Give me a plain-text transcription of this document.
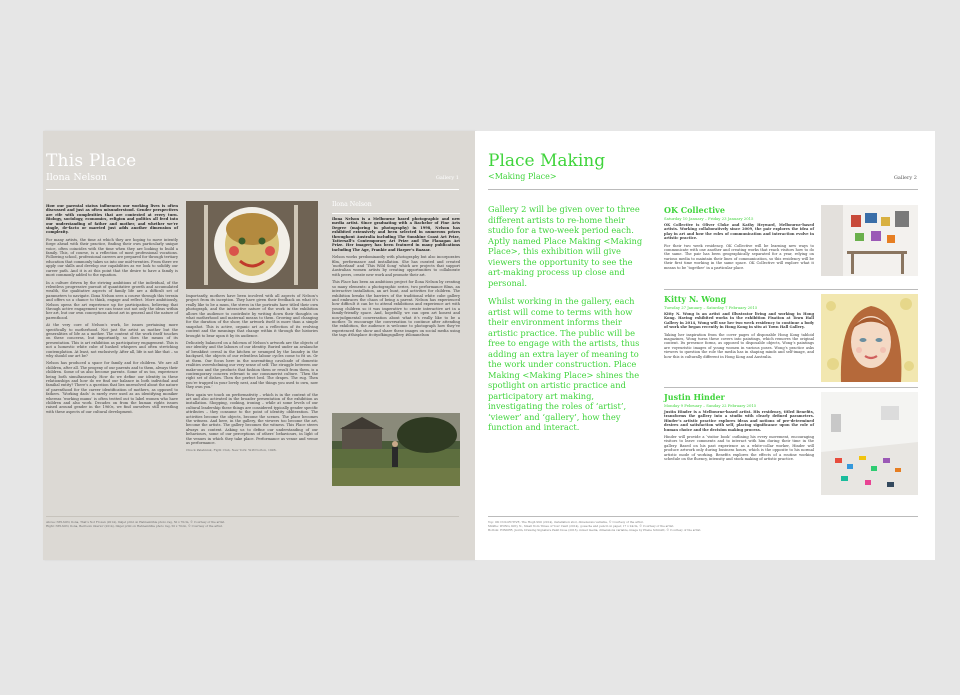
This Place
Ilona Nelson	Gallery 1

How our parental status influences our working lives is often discussed and just as often misunderstood. Gender perspectives are rife with complexities that are contested at every turn. Biology, sociology, economics, religion and politics all feed into our understanding of father and mother, and whether we’re single, de-facto or married just adds another dimension of complexity.

For many artists, the time at which they are hoping to move intently forge ahead with their practice, finding their own particularly unique voice, often coincides with the time when they are looking to build a family. This, of course, is a reflection of most professional vocations. Following school, professional careers are prepared for through tertiary education that commonly takes us into our mid-twenties. From there we apply our skills and develop our capabilities as we look to solidify our career path. And it is at this point that the desire to have a family is most commonly added to the equation.

In a culture driven by the striving ambitions of the individual, of the relentless progressive pursuit of quantitative growth and accumulated wealth, the qualitative aspects of family life are a difficult set of parameters to navigate. Ilona Nelson sees a course through this terrain and offers us a chance to think, engage and reflect. More ambitiously, Nelson opens the art experience up for participation, believing that through active engagement we can tease out not only the ideas within her art, but our own conceptions about art in general and the nature of parenthood.

At the very core of Nelson’s work, lie issues pertaining more specifically to motherhood. Not just the artist as mother but the generalities of life as a mother. The content of the work itself touches on these concerns, but importantly, so does the means of its presentation. This is art exhibition as participatory engagement. This is not a homestic white cube of hushed whispers and often stretching contemplation. At least, not exclusively. After all, life is not like that – so why should our art be?

Nelson has produced a space for family and for children. We are all children, after all. The progeny of our parents and to them, always their children. Some of us also become parents. Some of us too, experience being both simultaneously. How do we define our identity in these relationships and how do we find our balance in both individual and familial entity? There’s a question that lies unresolved about the nature of parenthood for the career identification of mothers, as opposed to fathers. ‘Working dads’ is rarely ever used as an identifying moniker whereas ‘working mums’ is often trotted out to label women who have children and also work. Decades on from the human rights issues raised around gender in the 1960s, we find ourselves still wrestling with these aspects of our cultural development.

Importantly, mothers have been involved with all aspects of Nelson’s project from its inception. They have given their feedback on what it’s really like to be a mum, the stress in the portraits have titled their own photograph, and the interactive nature of the work in the exhibition allows the audience to contribute by writing down their thoughts on what motherhood and maternal means to them. Growing and changing for the duration of the show, the artwork itself is more than a simple snapshot. This is active, organic art as a reflection of its evolving content and the meanings that change within it through the histories brought to bear upon it by its audience.

Delicately balanced on a fulcrum of Nelson’s artwork are the objects of our identity and the labours of our identity. Buried under an avalanche of breakfast cereal in the kitchen or swamped by the laundry in the backyard, the objects of our relentless labour cycles come to fit us. Or at them. Our focus here in the unremitting cavalcade of domestic realities overwhelming our very sense of self. The struggle between our make-ons and the products that fashion them or result from them, is a contemporary concern relevant to our consumerist culture. ‘Then the right set of dishes. Then the perfect bed. The drapes. The rug. Then you’re trapped in your lovely nest, and the things you used to own, now they own you.’

How again we touch on performativity – which is in the content of the art and also activated in the broader presentation of the exhibition as installation. Shopping, cooking, ironing – while at some levels of our cultural leadership these things are considered typically gender specific attributes – they consume to the point of identity obliteration. The activities become the objects, become the scenes. The place becomes the witness. And here, in the gallery, the viewers too become the art, become the artists. The gallery becomes the witness. This Place steers always as context. Asking us to define our understanding of our behaviours, some of our perceptions of others’ behaviours, in light of the venues in which they take place. Performance as venue and venue as performance.

Chuck Palahniuk, Fight Club, New York: W.W.Norton, 1996.

Ilona Nelson

Ilona Nelson is a Melbourne based photographic and new media artist. Since graduating with a Bachelor of Fine Arts Degree (majoring in photography) in 1998, Nelson has exhibited extensively and been selected in numerous prizes throughout Australia including The Sunshine Coast Art Prize, Tattersall’s Contemporary Art Prize and The Flanagan Art Prize. Her imagery has been featured in many publications including The Age, Frankie and Harper’s Bazaar.

Nelson works predominantly with photography but also incorporates film, performance and installation. She has curated and created ‘motherland’ and ‘This Wild Song’ which are projects that support Australian women artists by creating opportunities to collaborate with peers, create new work and promote their art.

This Place has been an ambitious project for Ilona Nelson by creating so many elements: a photographic series, two performance films, an interactive installation, an art hunt, and activities for children. The exhibition breaks the barriers of the traditional white cube gallery and embraces the chaos of being a parent. Nelson has experienced how difficult it can be to attend exhibitions and experience art with young children so it was imperative to create interactive art in a family-friendly space. And, hopefully, we can open art honest and non-judgmental conversation about what it’s really like to be a mother. To encourage the conversation to continue after attending the exhibition, the audience is welcome to photograph how they’ve experienced the show and share these images on social media using the tags #thisplace #cityofkingsgallery #ilonanelson

Above: NELSON, Ilona, That’s Not Frozen (2014), Inkjet print on Hahnemühle photo rag, 50 x 70cm, © Courtesy of the artist.
Right: NELSON, Ilona, Bedroom interior (2014), Inkjet print on Hahnemühle photo rag, 50 x 70cm, © Courtesy of the artist.
Place Making
<Making Place>	Gallery 2

Gallery 2 will be given over to three different artists to re-home their studio for a two-week period each. Aptly named Place Making <Making Place>, this exhibition will give viewers the opportunity to see the art-making process up close and personal.

Whilst working in the gallery, each artist will come to terms with how their environment informs their artistic practice. The public will be free to engage with the artists, thus adding an extra layer of meaning to the work under construction. Place Making <Making Place> shines the spotlight on artistic practice and participatory art making, investigating the roles of ‘artist’, ‘viewer’ and ‘gallery’, how they function and interact.

OK Collective
Saturday 10 January – Friday 23 January 2015

OK Collective is Oliver Cloke and Kathy Heyward, Melbourne-based artists. Working collaboratively since 2009, the pair explores the idea of play in art and how the roles of communication and interaction evolve in artistic practice.

For their two week residency, OK Collective will be learning new ways to communicate with one another and creating works that reach visitors how to do the same. The pair has been geographically separated for a year, relying on various media to maintain their lines of communication, so this residency will be their first time working in the same space. OK Collective will explore what it means to be ‘together’ in a particular place.

Kitty N. Wong
Tuesday 27 January – Saturday 7 February 2015

Kitty N. Wong is an artist and illustrator living and working in Hong Kong. Having exhibited works in the exhibition Fixation at Town Hall Gallery in 2014, Wong will use her two week residency to continue a body of work she began recently in Hong Kong in situ at Town Hall Gallery.

Taking her inspiration from the cover pages of disposable Hong Kong tabloid magazines, Wong turns these covers into paintings, which removes the original content. Its presence forms, as opposed to disposable objects, Wong’s paintings are voyeuristic images of young women in various poses. Wong’s practice asks viewers to question the role the media has in shaping minds and self-image, and how this is culturally different in Hong Kong and Australia.

Justin Hinder
Monday 9 February – Sunday 22 February 2015

Justin Hinder is a Melbourne-based artist. His residency, titled Benefits, transforms the gallery into a studio with clearly defined parameters. Hinder’s artistic practice explores ideas and notions of pre-determined desires and satisfaction with self, placing significance upon the role of human choice and the decision making process.

Hinder will provide a ‘visitor book’ outlining his every movement, encouraging visitors to leave comments and to interact with him during their time in the gallery. Based on his past experience as a white-collar worker, Hinder will produce artwork only during business hours, which is the opposite to his normal artistic mode of working. Benefits explores the effects of a routine working schedule on the fluency, intensity and stock making of artistic practice.

Top: OK COLLECTIVE, The Hugh Still (2014), installation shot, dimensions variable, © Courtesy of the artist.
Middle: WONG, Kitty N., Small from Times of Your Caufi (2014), gouache and pencil on paper, 17 x 24cm, © Courtesy of the artist.
Bottom: HINDER, Justin, Drawing Signature Paint Dose (2013), mixed media, dimensions variable, image by Phebe Schmidt, © Courtesy of the artist.
